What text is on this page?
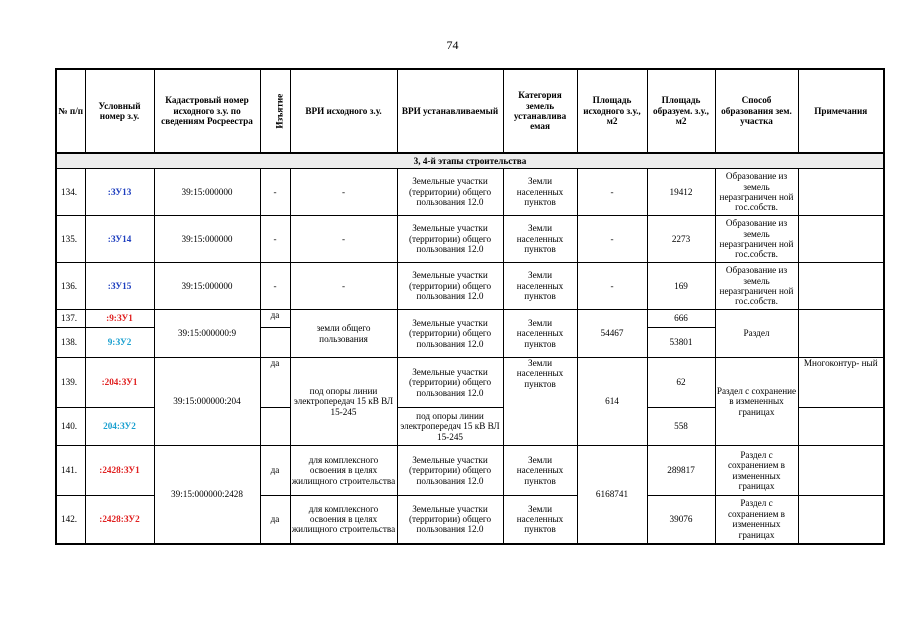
74
№ п/п	Условный номер з.у.	Кадастровый номер исходного з.у. по сведениям Росреестра	Изъятие	ВРИ исходного з.у.	ВРИ устанавливаемый	Категория земель устанавлива емая	Площадь исходного з.у., м2	Площадь образуем. з.у., м2	Способ образования зем. участка	Примечания
3, 4-й этапы строительства										
134.	:ЗУ13	39:15:000000	-	-	Земельные участки (территории) общего пользования 12.0	Земли населенных пунктов	-	19412	Образование из земель неразграничен ной гос.собств.	
135.	:ЗУ14	39:15:000000	-	-	Земельные участки (территории) общего пользования 12.0	Земли населенных пунктов	-	2273	Образование из земель неразграничен ной гос.собств.	
136.	:ЗУ15	39:15:000000	-	-	Земельные участки (территории) общего пользования 12.0	Земли населенных пунктов	-	169	Образование из земель неразграничен ной гос.собств.	
137.	:9:ЗУ1	39:15:000000:9	да	земли общего пользования	Земельные участки (территории) общего пользования 12.0	Земли населенных пунктов	54467	666	Раздел	
138.	9:ЗУ2							53801		
139.	:204:ЗУ1	39:15:000000:204	да	под опоры линии электропередач 15 кВ ВЛ 15-245	Земельные участки (территории) общего пользования 12.0	Земли населенных пунктов	614	62	Раздел с сохранение в измененных границах	Многоконтур- ный
140.	204:ЗУ2				под опоры линии электропередач 15 кВ ВЛ 15-245			558		
141.	:2428:ЗУ1	39:15:000000:2428	да	для комплексного освоения в целях жилищного строительства	Земельные участки (территории) общего пользования 12.0	Земли населенных пунктов	6168741	289817	Раздел с сохранением в измененных границах	
142.	:2428:ЗУ2		да	для комплексного освоения в целях жилищного строительства	Земельные участки (территории) общего пользования 12.0	Земли населенных пунктов		39076	Раздел с сохранением в измененных границах	
